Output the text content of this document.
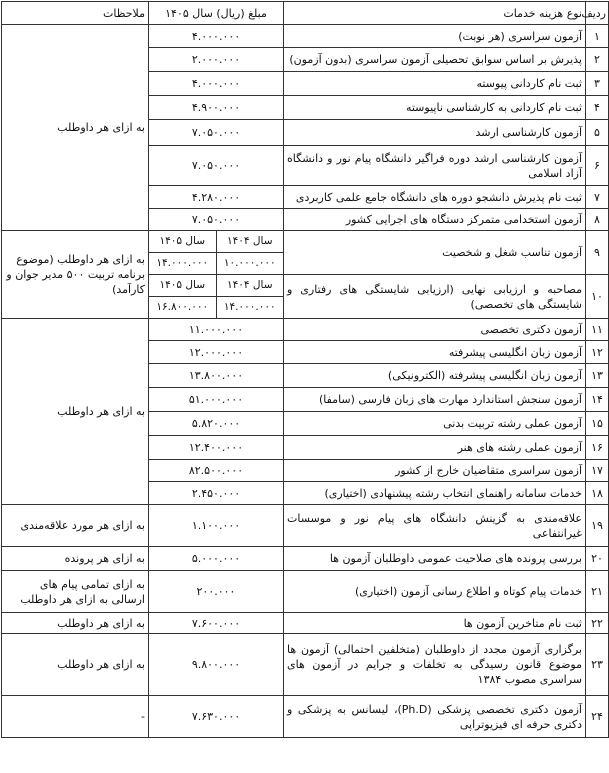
ردیف	نوع هزینه خدمات	مبلغ (ریال) سال ۱۴۰۵		ملاحظات
۱	آزمون سراسری (هر نوبت)	۴.۰۰۰.۰۰۰		به ازای هر داوطلب
۲	پذیرش بر اساس سوابق تحصیلی آزمون سراسری (بدون آزمون)	۲.۰۰۰.۰۰۰		
۳	ثبت نام کاردانی پیوسته	۴.۰۰۰.۰۰۰		
۴	ثبت نام کاردانی به کارشناسی ناپیوسته	۴.۹۰۰.۰۰۰		
۵	آزمون کارشناسی ارشد	۷.۰۵۰.۰۰۰		
۶	آزمون کارشناسی ارشد دوره فراگیر دانشگاه پیام نور و دانشگاه آزاد اسلامی	۷.۰۵۰.۰۰۰		
۷	ثبت نام پذیرش دانشجو دوره های دانشگاه جامع علمی کاربردی	۴.۲۸۰.۰۰۰		
۸	آزمون استخدامی متمرکز دستگاه های اجرایی کشور	۷.۰۵۰.۰۰۰		
۹	آزمون تناسب شغل و شخصیت	سال ۱۴۰۴	سال ۱۴۰۵	به ازای هر داوطلب (موضوع برنامه تربیت ۵۰۰ مدیر جوان و کارآمد)
		۱۰.۰۰۰.۰۰۰	۱۴.۰۰۰.۰۰۰	
۱۰	مصاحبه و ارزیابی نهایی (ارزیابی شایستگی های رفتاری و شایستگی های تخصصی)	سال ۱۴۰۴	سال ۱۴۰۵	
		۱۴.۰۰۰.۰۰۰	۱۶.۸۰۰.۰۰۰	
۱۱	آزمون دکتری تخصصی	۱۱.۰۰۰.۰۰۰		به ازای هر داوطلب
۱۲	آزمون زبان انگلیسی پیشرفته	۱۲.۰۰۰.۰۰۰		
۱۳	آزمون زبان انگلیسی پیشرفته (الکترونیکی)	۱۳.۸۰۰.۰۰۰		
۱۴	آزمون سنجش استاندارد مهارت های زبان فارسی (سامفا)	۵۱.۰۰۰.۰۰۰		
۱۵	آزمون عملی رشته تربیت بدنی	۵.۸۲۰.۰۰۰		
۱۶	آزمون عملی رشته های هنر	۱۲.۴۰۰.۰۰۰		
۱۷	آزمون سراسری متقاضیان خارج از کشور	۸۲.۵۰۰.۰۰۰		
۱۸	خدمات سامانه راهنمای انتخاب رشته پیشنهادی (اختیاری)	۲.۴۵۰.۰۰۰		
۱۹	علاقه‌مندی به گزینش دانشگاه های پیام نور و موسسات غیرانتفاعی	۱.۱۰۰.۰۰۰		به ازای هر مورد علاقه‌مندی
۲۰	بررسی پرونده های صلاحیت عمومی داوطلبان آزمون ها	۵.۰۰۰.۰۰۰		به ازای هر پرونده
۲۱	خدمات پیام کوتاه و اطلاع رسانی آزمون (اختیاری)	۲۰۰.۰۰۰		به ازای تمامی پیام های ارسالی به ازای هر داوطلب
۲۲	ثبت نام متاخرین آزمون ها	۷.۶۰۰.۰۰۰		به ازای هر داوطلب
۲۳	برگزاری آزمون مجدد از داوطلبان (متخلفین احتمالی) آزمون ها موضوع قانون رسیدگی به تخلفات و جرایم در آزمون های سراسری مصوب ۱۳۸۴	۹.۸۰۰.۰۰۰		به ازای هر داوطلب
۲۴	آزمون دکتری تخصصی پزشکی (Ph.D)، لیسانس به پزشکی و دکتری حرفه ای فیزیوتراپی	۷.۶۳۰.۰۰۰		-
